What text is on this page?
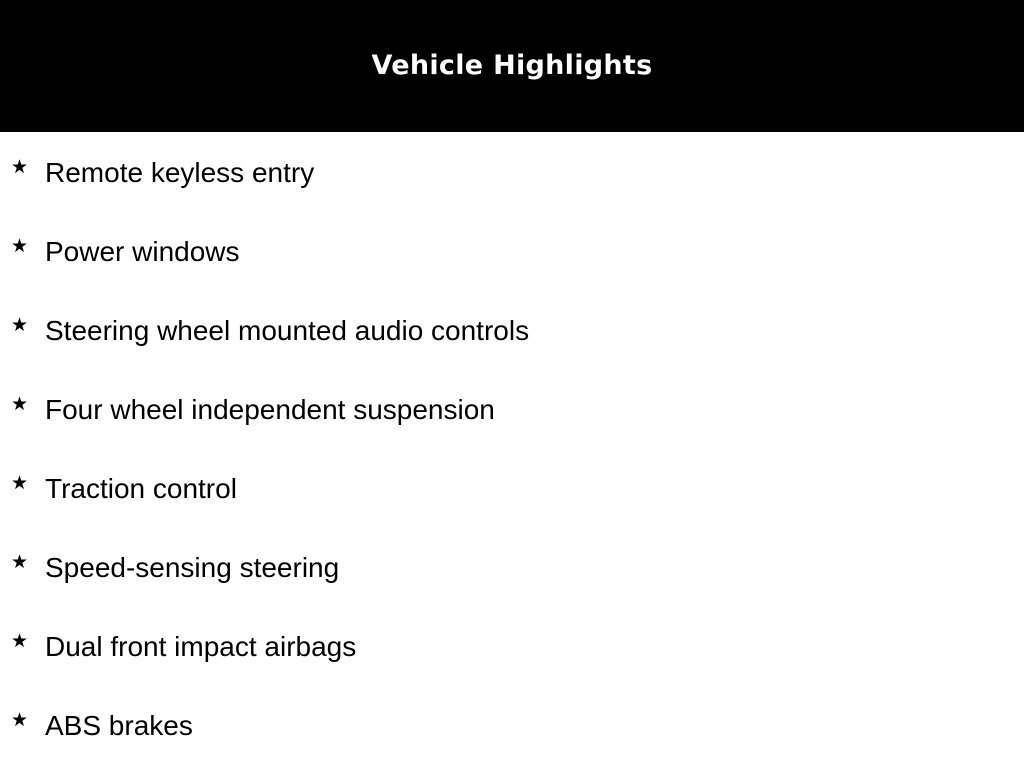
Vehicle Highlights
★ Remote keyless entry
★ Power windows
★ Steering wheel mounted audio controls
★ Four wheel independent suspension
★ Traction control
★ Speed-sensing steering
★ Dual front impact airbags
★ ABS brakes
